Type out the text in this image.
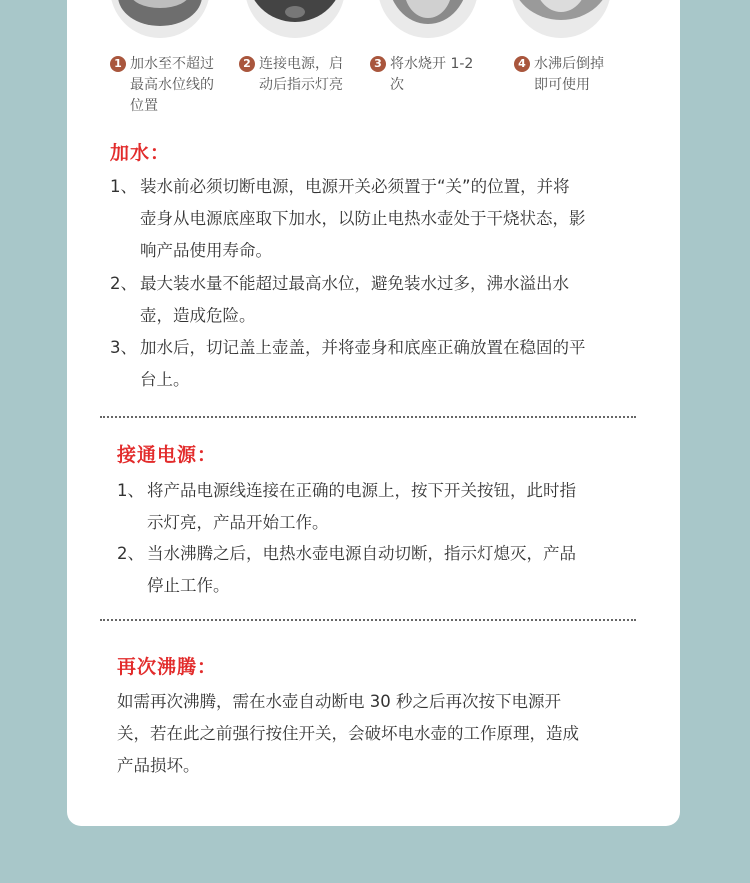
1 加水至不超过
最高水位线的
位置
2 连接电源，启
动后指示灯亮
3 将水烧开 1-2
次
4 水沸后倒掉
即可使用
加水：
1、 装水前必须切断电源，电源开关必须置于“关”的位置，并将
壶身从电源底座取下加水，以防止电热水壶处于干烧状态，影
响产品使用寿命。
2、 最大装水量不能超过最高水位，避免装水过多，沸水溢出水
壶，造成危险。
3、 加水后，切记盖上壶盖，并将壶身和底座正确放置在稳固的平
台上。
接通电源：
1、 将产品电源线连接在正确的电源上，按下开关按钮，此时指
示灯亮，产品开始工作。
2、 当水沸腾之后，电热水壶电源自动切断，指示灯熄灭，产品
停止工作。
再次沸腾：
如需再次沸腾，需在水壶自动断电 30 秒之后再次按下电源开
关，若在此之前强行按住开关，会破坏电水壶的工作原理，造成
产品损坏。
